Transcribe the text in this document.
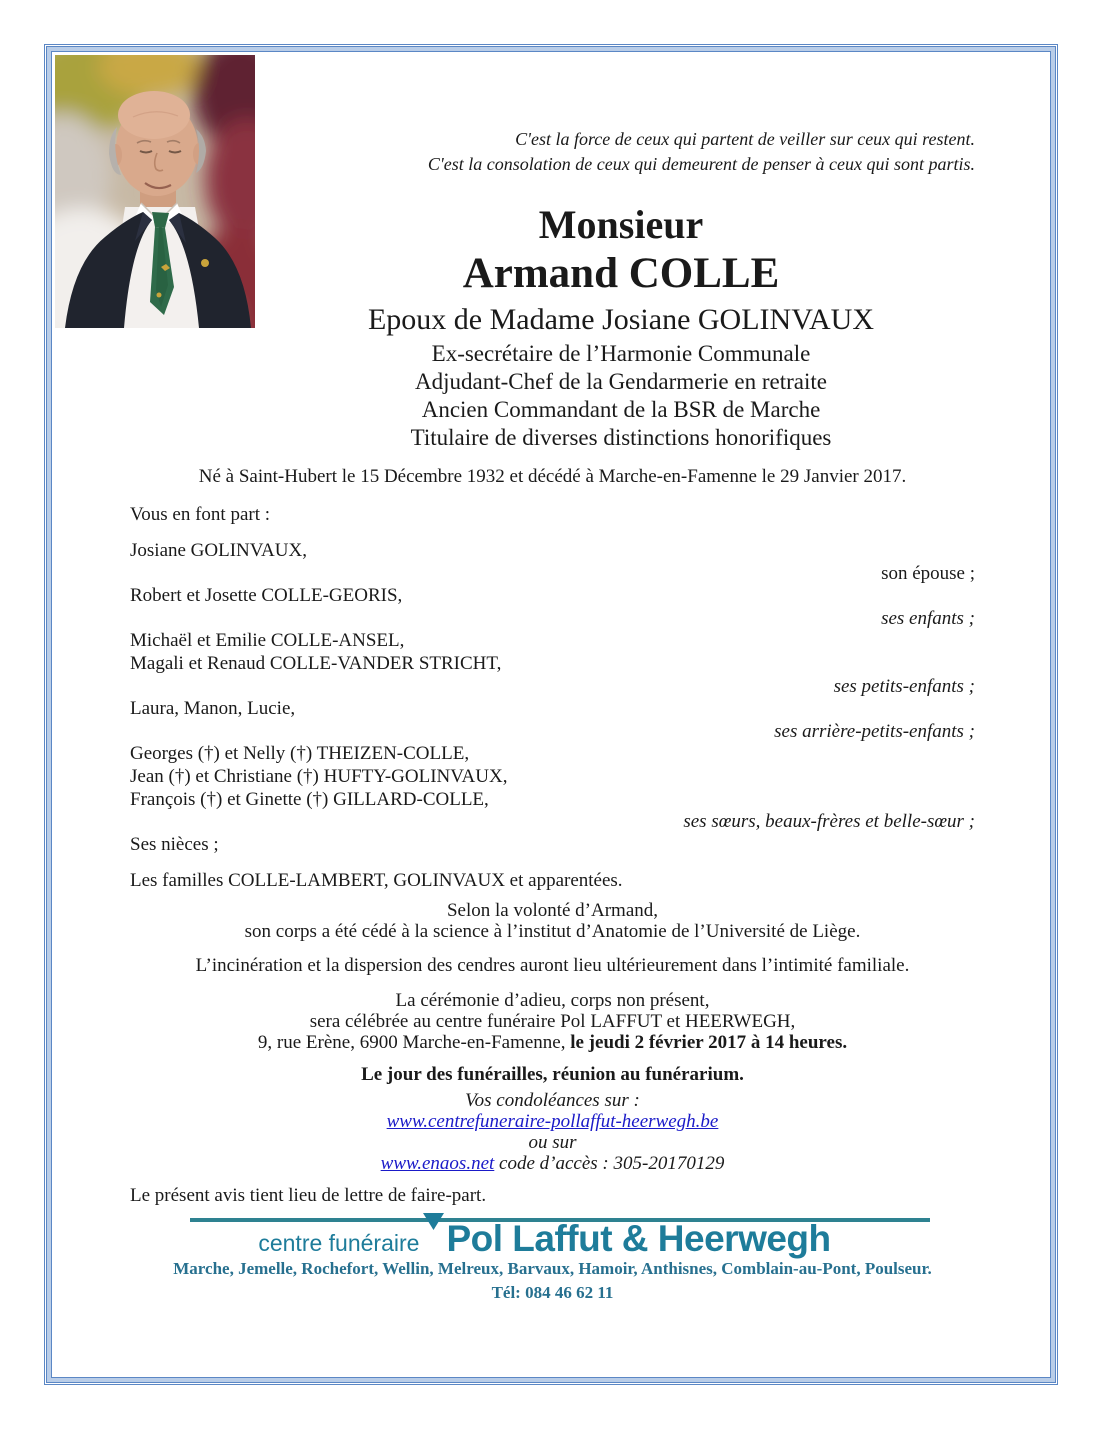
C'est la force de ceux qui partent de veiller sur ceux qui restent.
C'est la consolation de ceux qui demeurent de penser à ceux qui sont partis.
Monsieur
Armand COLLE
Epoux de Madame Josiane GOLINVAUX
Ex-secrétaire de l’Harmonie Communale
Adjudant-Chef de la Gendarmerie en retraite
Ancien Commandant de la BSR de Marche
Titulaire de diverses distinctions honorifiques
Né à Saint-Hubert le 15 Décembre 1932 et décédé à Marche-en-Famenne le 29 Janvier 2017.
Vous en font part :
Josiane GOLINVAUX,
son épouse ;
Robert et Josette COLLE-GEORIS,
ses enfants ;
Michaël et Emilie COLLE-ANSEL,
Magali et Renaud COLLE-VANDER STRICHT,
ses petits-enfants ;
Laura, Manon, Lucie,
ses arrière-petits-enfants ;
Georges (†) et Nelly (†) THEIZEN-COLLE,
Jean (†) et Christiane (†) HUFTY-GOLINVAUX,
François (†) et Ginette (†) GILLARD-COLLE,
ses sœurs, beaux-frères et belle-sœur ;
Ses nièces ;
Les familles COLLE-LAMBERT, GOLINVAUX et apparentées.
Selon la volonté d’Armand,
son corps a été cédé à la science à l’institut d’Anatomie de l’Université de Liège.
L’incinération et la dispersion des cendres auront lieu ultérieurement dans l’intimité familiale.
La cérémonie d’adieu, corps non présent,
sera célébrée au centre funéraire Pol LAFFUT et HEERWEGH,
9, rue Erène, 6900 Marche-en-Famenne, le jeudi 2 février 2017 à 14 heures.
Le jour des funérailles, réunion au funérarium.
Vos condoléances sur :
www.centrefuneraire-pollaffut-heerwegh.be
ou sur
www.enaos.net code d’accès : 305-20170129
Le présent avis tient lieu de lettre de faire-part.
centre funéraire Pol Laffut & Heerwegh
Marche, Jemelle, Rochefort, Wellin, Melreux, Barvaux, Hamoir, Anthisnes, Comblain-au-Pont, Poulseur.
Tél: 084 46 62 11
